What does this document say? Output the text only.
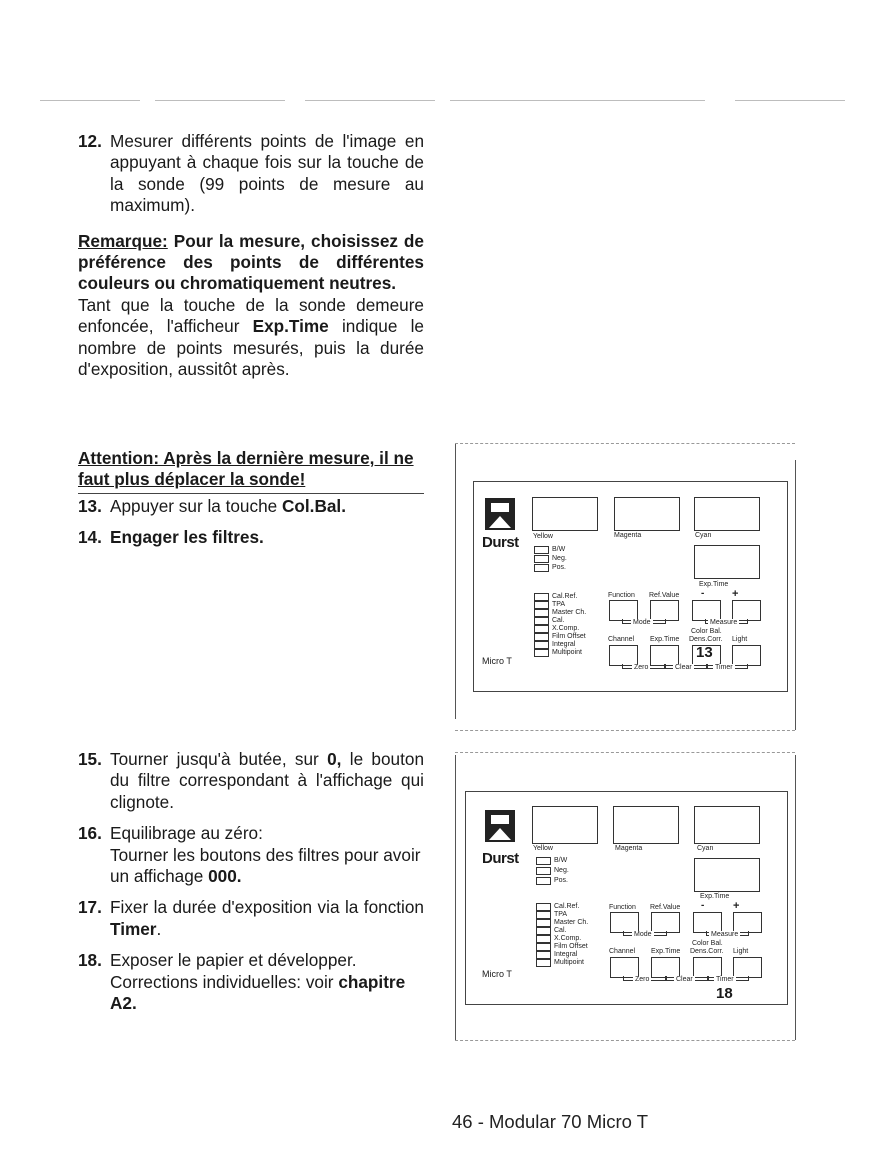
12. Mesurer différents points de l'image en appuyant à chaque fois sur la touche de la sonde (99 points de mesure au maximum).

Remarque: Pour la mesure, choisissez de préférence des points de différentes couleurs ou chromatiquement neutres.

Tant que la touche de la sonde demeure enfoncée, l'afficheur Exp.Time indique le nombre de points mesurés, puis la durée d'exposition, aussitôt après.

Attention: Après la dernière mesure, il ne faut plus déplacer la sonde!

13. Appuyer sur la touche Col.Bal.
14. Engager les filtres.
15. Tourner jusqu'à butée, sur 0, le bouton du filtre correspondant à l'affichage qui clignote.
16. Equilibrage au zéro:
Tourner les boutons des filtres pour avoir un affichage 000.
17. Fixer la durée d'exposition via la fonction Timer.
18. Exposer le papier et développer.
Corrections individuelles: voir chapitre A2.
Durst
Micro T
Yellow	Magenta	Cyan
Exp.Time
B/W
Neg.
Pos.
Cal.Ref.
TPA
Master Ch.
Cal.
X.Comp.
Film Offset
Integral
Multipoint
Function Ref.Value -	+
Mode	Measure
Color Bal.
Channel Exp.Time Dens.Corr. Light
13
Zero	Clear	Timer
Durst
Micro T
Yellow	Magenta	Cyan
Exp.Time
B/W
Neg.
Pos.
Cal.Ref.
TPA
Master Ch.
Cal.
X.Comp.
Film Offset
Integral
Multipoint
Function Ref.Value -	+
Mode	Measure
Color Bal.
Channel Exp.Time Dens.Corr. Light
Zero	Clear	Timer
18
46 - Modular 70 Micro T
